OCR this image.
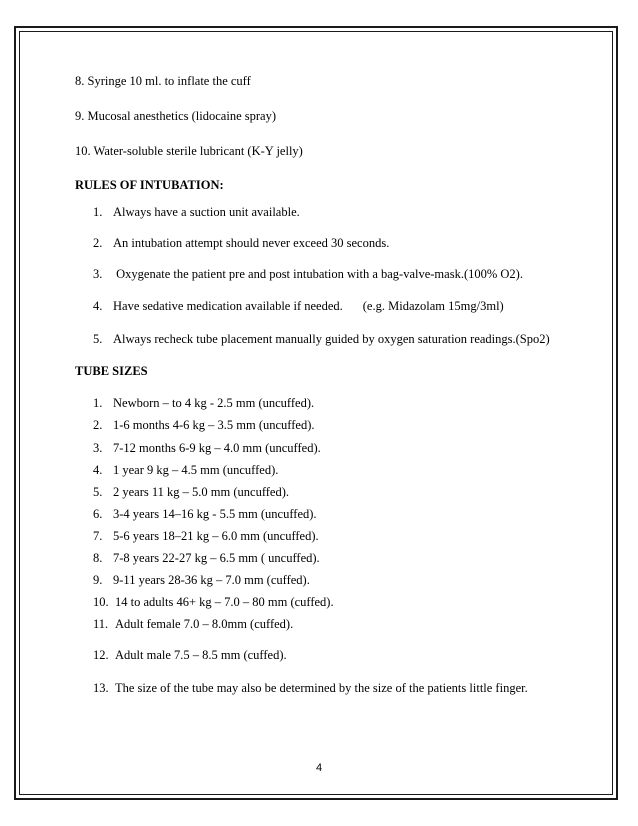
8. Syringe 10 ml. to inflate the cuff
9. Mucosal anesthetics (lidocaine spray)
10. Water-soluble sterile lubricant (K-Y jelly)
RULES OF INTUBATION:
1. Always have a suction unit available.
2. An intubation attempt should never exceed 30 seconds.
3. Oxygenate the patient pre and post intubation with a bag-valve-mask.(100% O2).
4. Have sedative medication available if needed. (e.g. Midazolam 15mg/3ml)
5. Always recheck tube placement manually guided by oxygen saturation readings.(Spo2)
TUBE SIZES
1. Newborn – to 4 kg - 2.5 mm (uncuffed).
2. 1-6 months 4-6 kg – 3.5 mm (uncuffed).
3. 7-12 months 6-9 kg – 4.0 mm (uncuffed).
4. 1 year 9 kg – 4.5 mm (uncuffed).
5. 2 years 11 kg – 5.0 mm (uncuffed).
6. 3-4 years 14–16 kg - 5.5 mm (uncuffed).
7. 5-6 years 18–21 kg – 6.0 mm (uncuffed).
8. 7-8 years 22-27 kg – 6.5 mm ( uncuffed).
9. 9-11 years 28-36 kg – 7.0 mm (cuffed).
10. 14 to adults 46+ kg – 7.0 – 80 mm (cuffed).
11. Adult female 7.0 – 8.0mm (cuffed).
12. Adult male 7.5 – 8.5 mm (cuffed).
13. The size of the tube may also be determined by the size of the patients little finger.
4
